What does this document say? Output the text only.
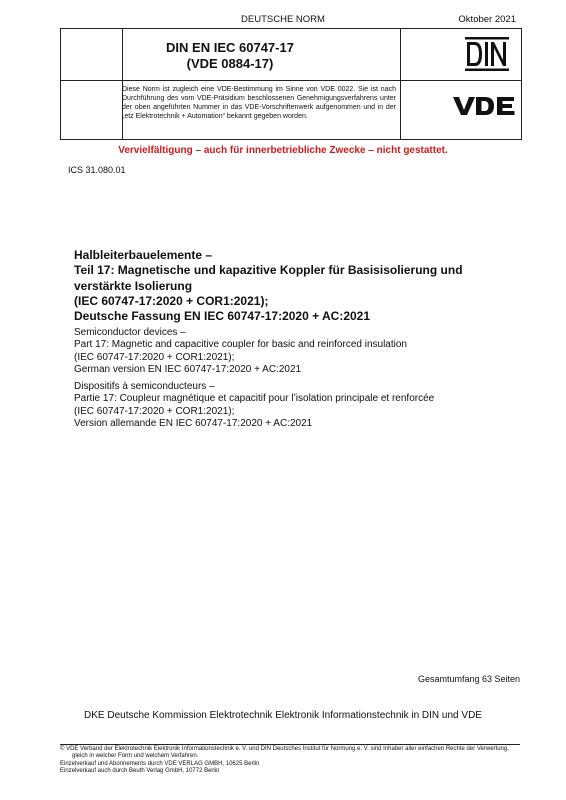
DEUTSCHE NORM	Oktober 2021
DIN EN IEC 60747-17
(VDE 0884-17)
Diese Norm ist zugleich eine VDE-Bestimmung im Sinne von VDE 0022. Sie ist nach Durchführung des vom VDE-Präsidium beschlossenen Genehmigungsverfahrens unter der oben angeführten Nummer in das VDE-Vorschriftenwerk aufgenommen und in der „etz Elektrotechnik + Automation“ bekannt gegeben worden.
Vervielfältigung – auch für innerbetriebliche Zwecke – nicht gestattet.
ICS 31.080.01
Halbleiterbauelemente –
Teil 17: Magnetische und kapazitive Koppler für Basisisolierung und
verstärkte Isolierung
(IEC 60747-17:2020 + COR1:2021);
Deutsche Fassung EN IEC 60747-17:2020 + AC:2021
Semiconductor devices –
Part 17: Magnetic and capacitive coupler for basic and reinforced insulation
(IEC 60747-17:2020 + COR1:2021);
German version EN IEC 60747-17:2020 + AC:2021
Dispositifs à semiconducteurs –
Partie 17: Coupleur magnétique et capacitif pour l’isolation principale et renforcée
(IEC 60747-17:2020 + COR1:2021);
Version allemande EN IEC 60747-17:2020 + AC:2021
Gesamtumfang 63 Seiten
DKE Deutsche Kommission Elektrotechnik Elektronik Informationstechnik in DIN und VDE
© VDE Verband der Elektrotechnik Elektronik Informationstechnik e. V. und DIN Deutsches Institut für Normung e. V. sind Inhaber aller einfachen Rechte der Verwertung,
gleich in welcher Form und welchem Verfahren.
Einzelverkauf und Abonnements durch VDE VERLAG GMBH, 10625 Berlin
Einzelverkauf auch durch Beuth Verlag GmbH, 10772 Berlin
